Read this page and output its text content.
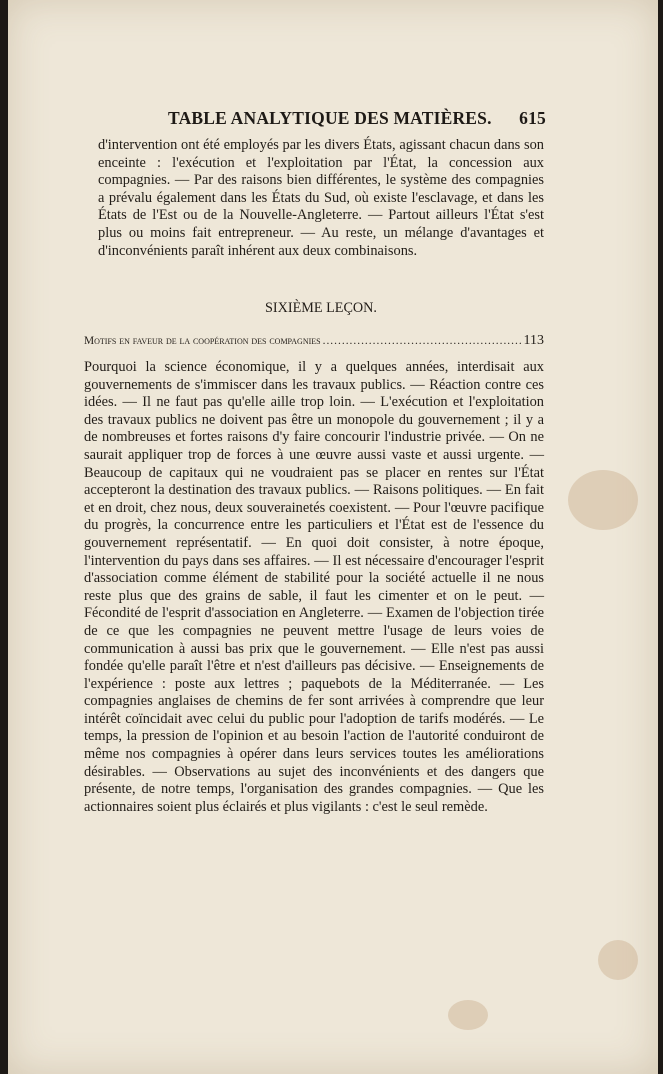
TABLE ANALYTIQUE DES MATIÈRES. 615
d'intervention ont été employés par les divers États, agissant chacun dans son enceinte : l'exécution et l'exploitation par l'État, la concession aux compagnies. — Par des raisons bien différentes, le système des compagnies a prévalu également dans les États du Sud, où existe l'esclavage, et dans les États de l'Est ou de la Nouvelle-Angleterre. — Partout ailleurs l'État s'est plus ou moins fait entrepreneur. — Au reste, un mélange d'avantages et d'inconvénients paraît inhérent aux deux combinaisons.
SIXIÈME LEÇON.
Motifs en faveur de la coopération des compagnies
.....	113
Pourquoi la science économique, il y a quelques années, interdisait aux gouvernements de s'immiscer dans les travaux publics. — Réaction contre ces idées. — Il ne faut pas qu'elle aille trop loin. — L'exécution et l'exploitation des travaux publics ne doivent pas être un monopole du gouvernement ; il y a de nombreuses et fortes raisons d'y faire concourir l'industrie privée. — On ne saurait appliquer trop de forces à une œuvre aussi vaste et aussi urgente. — Beaucoup de capitaux qui ne voudraient pas se placer en rentes sur l'État accepteront la destination des travaux publics. — Raisons politiques. — En fait et en droit, chez nous, deux souverainetés coexistent. — Pour l'œuvre pacifique du progrès, la concurrence entre les particuliers et l'État est de l'essence du gouvernement représentatif. — En quoi doit consister, à notre époque, l'intervention du pays dans ses affaires. — Il est nécessaire d'encourager l'esprit d'association comme élément de stabilité pour la société actuelle il ne nous reste plus que des grains de sable, il faut les cimenter et on le peut. — Fécondité de l'esprit d'association en Angleterre. — Examen de l'objection tirée de ce que les compagnies ne peuvent mettre l'usage de leurs voies de communication à aussi bas prix que le gouvernement. — Elle n'est pas aussi fondée qu'elle paraît l'être et n'est d'ailleurs pas décisive. — Enseignements de l'expérience : poste aux lettres ; paquebots de la Méditerranée. — Les compagnies anglaises de chemins de fer sont arrivées à comprendre que leur intérêt coïncidait avec celui du public pour l'adoption de tarifs modérés. — Le temps, la pression de l'opinion et au besoin l'action de l'autorité conduiront de même nos compagnies à opérer dans leurs services toutes les améliorations désirables. — Observations au sujet des inconvénients et des dangers que présente, de notre temps, l'organisation des grandes compagnies. — Que les actionnaires soient plus éclairés et plus vigilants : c'est le seul remède.
